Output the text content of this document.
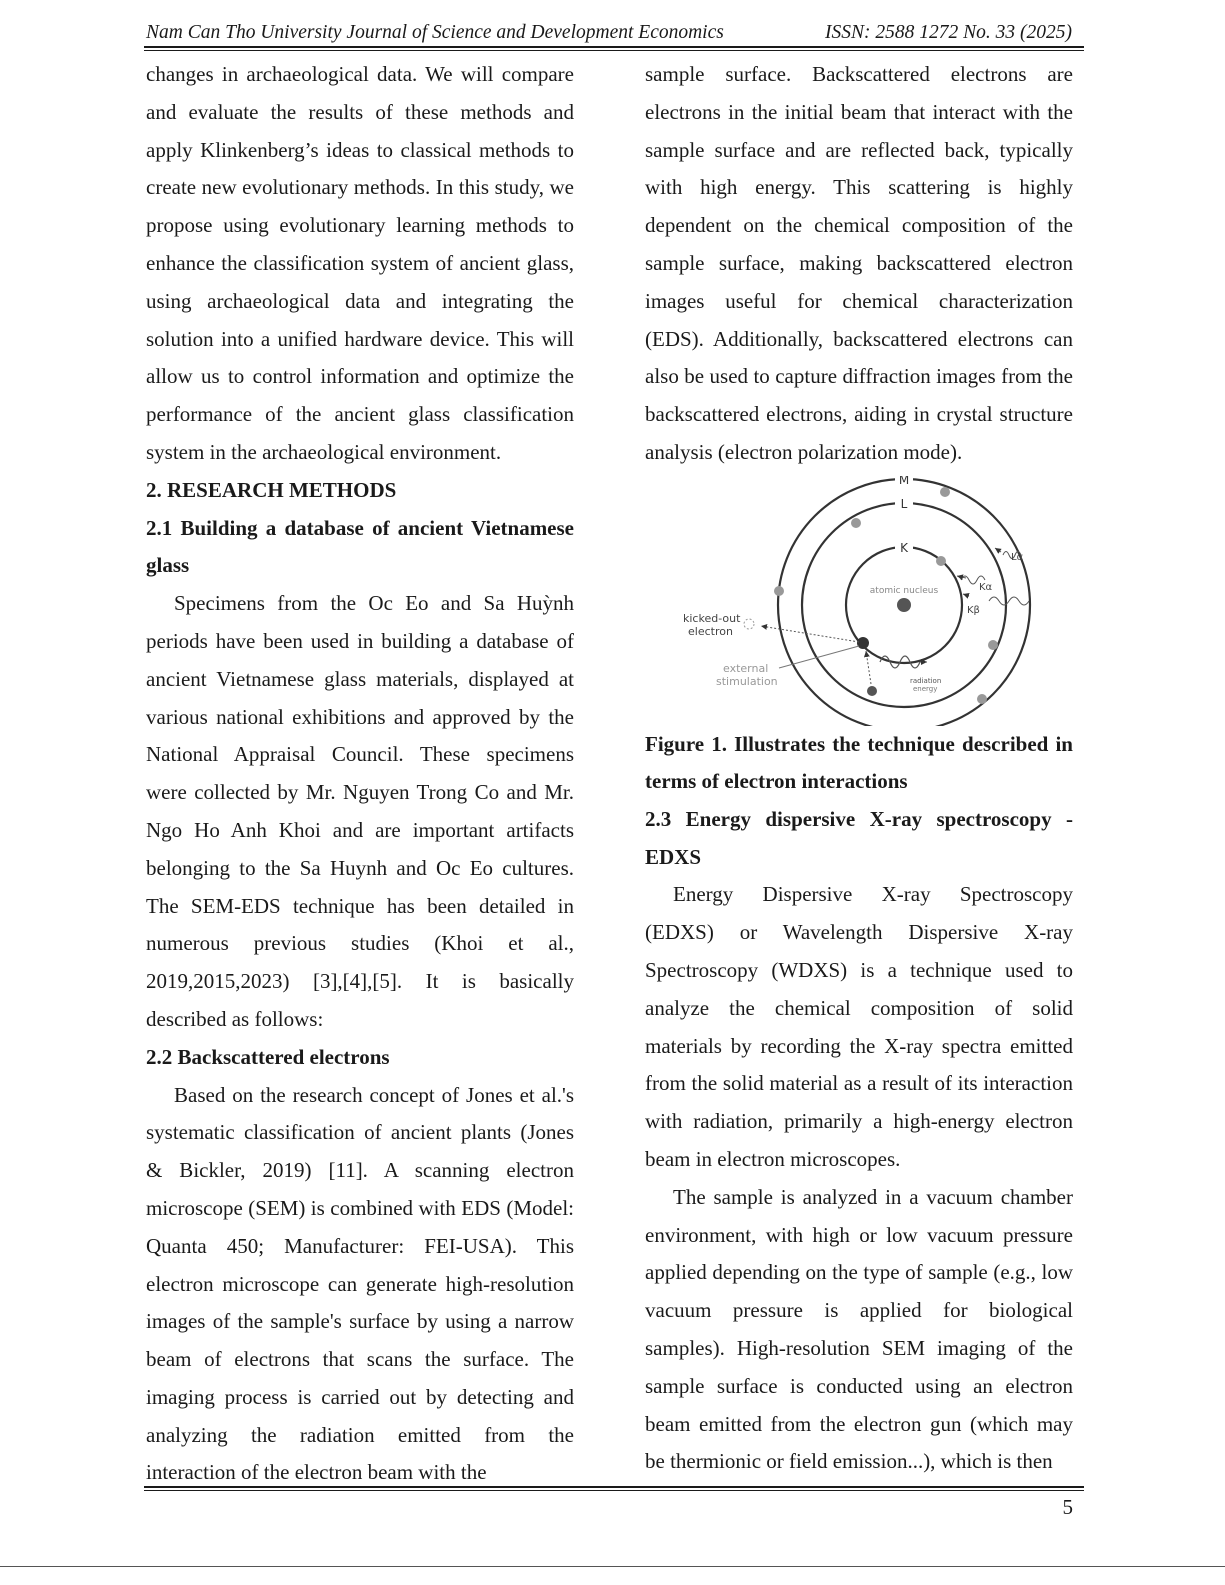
Nam Can Tho University Journal of Science and Development Economics	ISSN: 2588 1272 No. 33 (2025)

changes in archaeological data. We will compare and evaluate the results of these methods and apply Klinkenberg’s ideas to classical methods to create new evolutionary methods. In this study, we propose using evolutionary learning methods to enhance the classification system of ancient glass, using archaeological data and integrating the solution into a unified hardware device. This will allow us to control information and optimize the performance of the ancient glass classification system in the archaeological environment.

2. RESEARCH METHODS
2.1 Building a database of ancient Vietnamese glass

Specimens from the Oc Eo and Sa Huỳnh periods have been used in building a database of ancient Vietnamese glass materials, displayed at various national exhibitions and approved by the National Appraisal Council. These specimens were collected by Mr. Nguyen Trong Co and Mr. Ngo Ho Anh Khoi and are important artifacts belonging to the Sa Huynh and Oc Eo cultures. The SEM-EDS technique has been detailed in numerous previous studies (Khoi et al., 2019,2015,2023) [3],[4],[5]. It is basically described as follows:

2.2 Backscattered electrons

Based on the research concept of Jones et al.'s systematic classification of ancient plants (Jones & Bickler, 2019) [11]. A scanning electron microscope (SEM) is combined with EDS (Model: Quanta 450; Manufacturer: FEI-USA). This electron microscope can generate high-resolution images of the sample's surface by using a narrow beam of electrons that scans the surface. The imaging process is carried out by detecting and analyzing the radiation emitted from the interaction of the electron beam with the

sample surface. Backscattered electrons are electrons in the initial beam that interact with the sample surface and are reflected back, typically with high energy. This scattering is highly dependent on the chemical composition of the sample surface, making backscattered electron images useful for chemical characterization (EDS). Additionally, backscattered electrons can also be used to capture diffraction images from the backscattered electrons, aiding in crystal structure analysis (electron polarization mode).

M
L
K
atomic nucleus
kicked-out
electron
external
stimulation	radiation
energy
Kα
Kβ
Lα

Figure 1. Illustrates the technique described in terms of electron interactions

2.3 Energy dispersive X-ray spectroscopy - EDXS

Energy Dispersive X-ray Spectroscopy (EDXS) or Wavelength Dispersive X-ray Spectroscopy (WDXS) is a technique used to analyze the chemical composition of solid materials by recording the X-ray spectra emitted from the solid material as a result of its interaction with radiation, primarily a high-energy electron beam in electron microscopes.

The sample is analyzed in a vacuum chamber environment, with high or low vacuum pressure applied depending on the type of sample (e.g., low vacuum pressure is applied for biological samples). High-resolution SEM imaging of the sample surface is conducted using an electron beam emitted from the electron gun (which may be thermionic or field emission...), which is then

5
